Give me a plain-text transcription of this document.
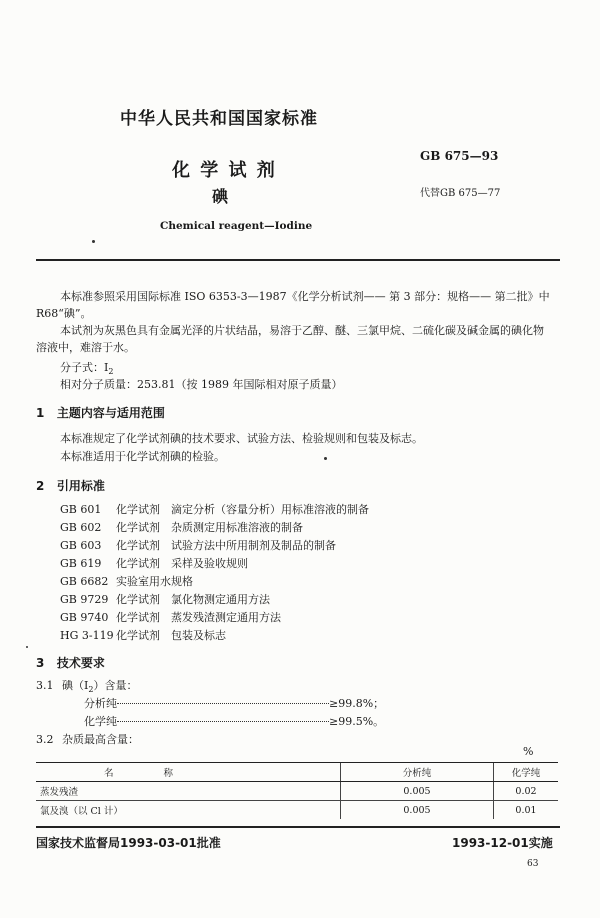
中华人民共和国国家标准
化 学 试 剂
碘
Chemical reagent—Iodine
GB 675—93
代替GB 675—77
本标准参照采用国际标准 ISO 6353-3—1987《化学分析试剂—— 第 3 部分：规格—— 第二批》中
R68“碘”。
本试剂为灰黑色具有金属光泽的片状结晶，易溶于乙醇、醚、三氯甲烷、二硫化碳及碱金属的碘化物
溶液中，难溶于水。
分子式：$I_2$
相对分子质量：253.81（按 1989 年国际相对原子质量）
1 主题内容与适用范围
本标准规定了化学试剂碘的技术要求、试验方法、检验规则和包装及标志。
本标准适用于化学试剂碘的检验。
2 引用标准
GB 601 化学试剂　滴定分析（容量分析）用标准溶液的制备
GB 602 化学试剂　杂质测定用标准溶液的制备
GB 603 化学试剂　试验方法中所用制剂及制品的制备
GB 619 化学试剂　采样及验收规则
GB 6682 实验室用水规格
GB 9729 化学试剂　氯化物测定通用方法
GB 9740 化学试剂　蒸发残渣测定通用方法
HG 3-119 化学试剂　包装及标志
3 技术要求
3.1 碘$(I_2)$含量：
分析纯	≥99.8%；
化学纯	≥99.5%。
3.2 杂质最高含量：
%
名称	分析纯	化学纯
蒸发残渣	0.005	0.02
氯及溴（以 Cl 计）	0.005	0.01
国家技术监督局1993-03-01批准	1993-12-01实施
63
